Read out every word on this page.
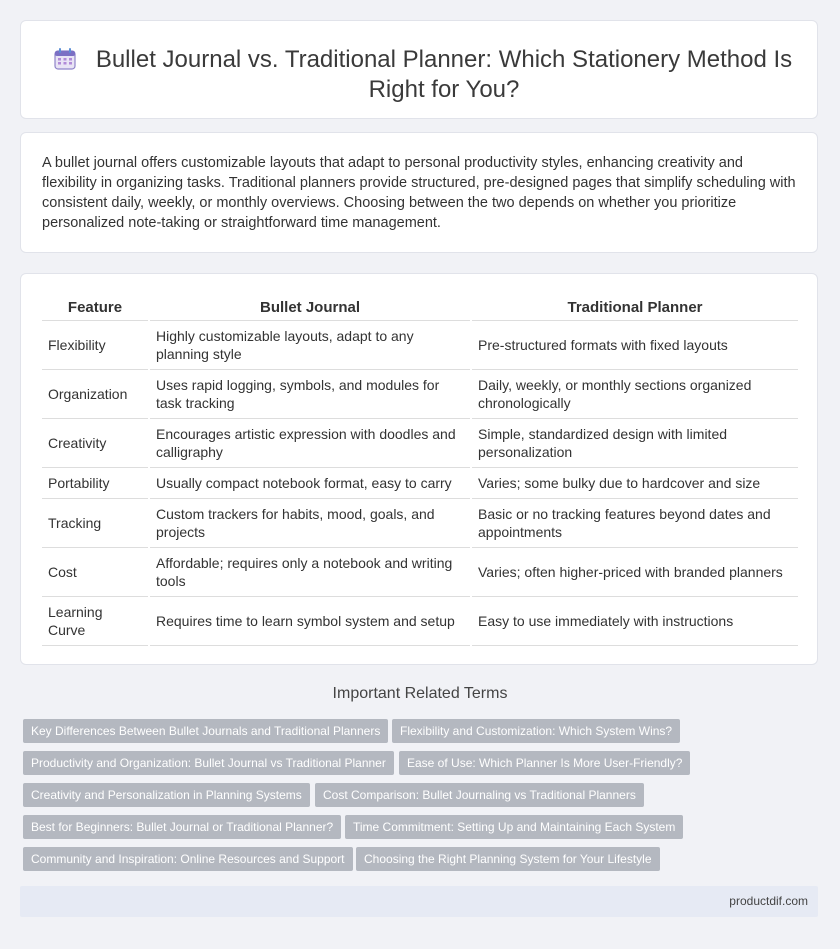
Bullet Journal vs. Traditional Planner: Which Stationery Method Is Right for You?

A bullet journal offers customizable layouts that adapt to personal productivity styles, enhancing creativity and flexibility in organizing tasks. Traditional planners provide structured, pre-designed pages that simplify scheduling with consistent daily, weekly, or monthly overviews. Choosing between the two depends on whether you prioritize personalized note-taking or straightforward time management.

Feature	Bullet Journal	Traditional Planner
Flexibility	Highly customizable layouts, adapt to any planning style	Pre-structured formats with fixed layouts
Organization	Uses rapid logging, symbols, and modules for task tracking	Daily, weekly, or monthly sections organized chronologically
Creativity	Encourages artistic expression with doodles and calligraphy	Simple, standardized design with limited personalization
Portability	Usually compact notebook format, easy to carry	Varies; some bulky due to hardcover and size
Tracking	Custom trackers for habits, mood, goals, and projects	Basic or no tracking features beyond dates and appointments
Cost	Affordable; requires only a notebook and writing tools	Varies; often higher-priced with branded planners
Learning Curve	Requires time to learn symbol system and setup	Easy to use immediately with instructions
Important Related Terms
Key Differences Between Bullet Journals and Traditional Planners	Flexibility and Customization: Which System Wins?
Productivity and Organization: Bullet Journal vs Traditional Planner	Ease of Use: Which Planner Is More User-Friendly?
Creativity and Personalization in Planning Systems	Cost Comparison: Bullet Journaling vs Traditional Planners
Best for Beginners: Bullet Journal or Traditional Planner?	Time Commitment: Setting Up and Maintaining Each System
Community and Inspiration: Online Resources and Support	Choosing the Right Planning System for Your Lifestyle
productdif.com
